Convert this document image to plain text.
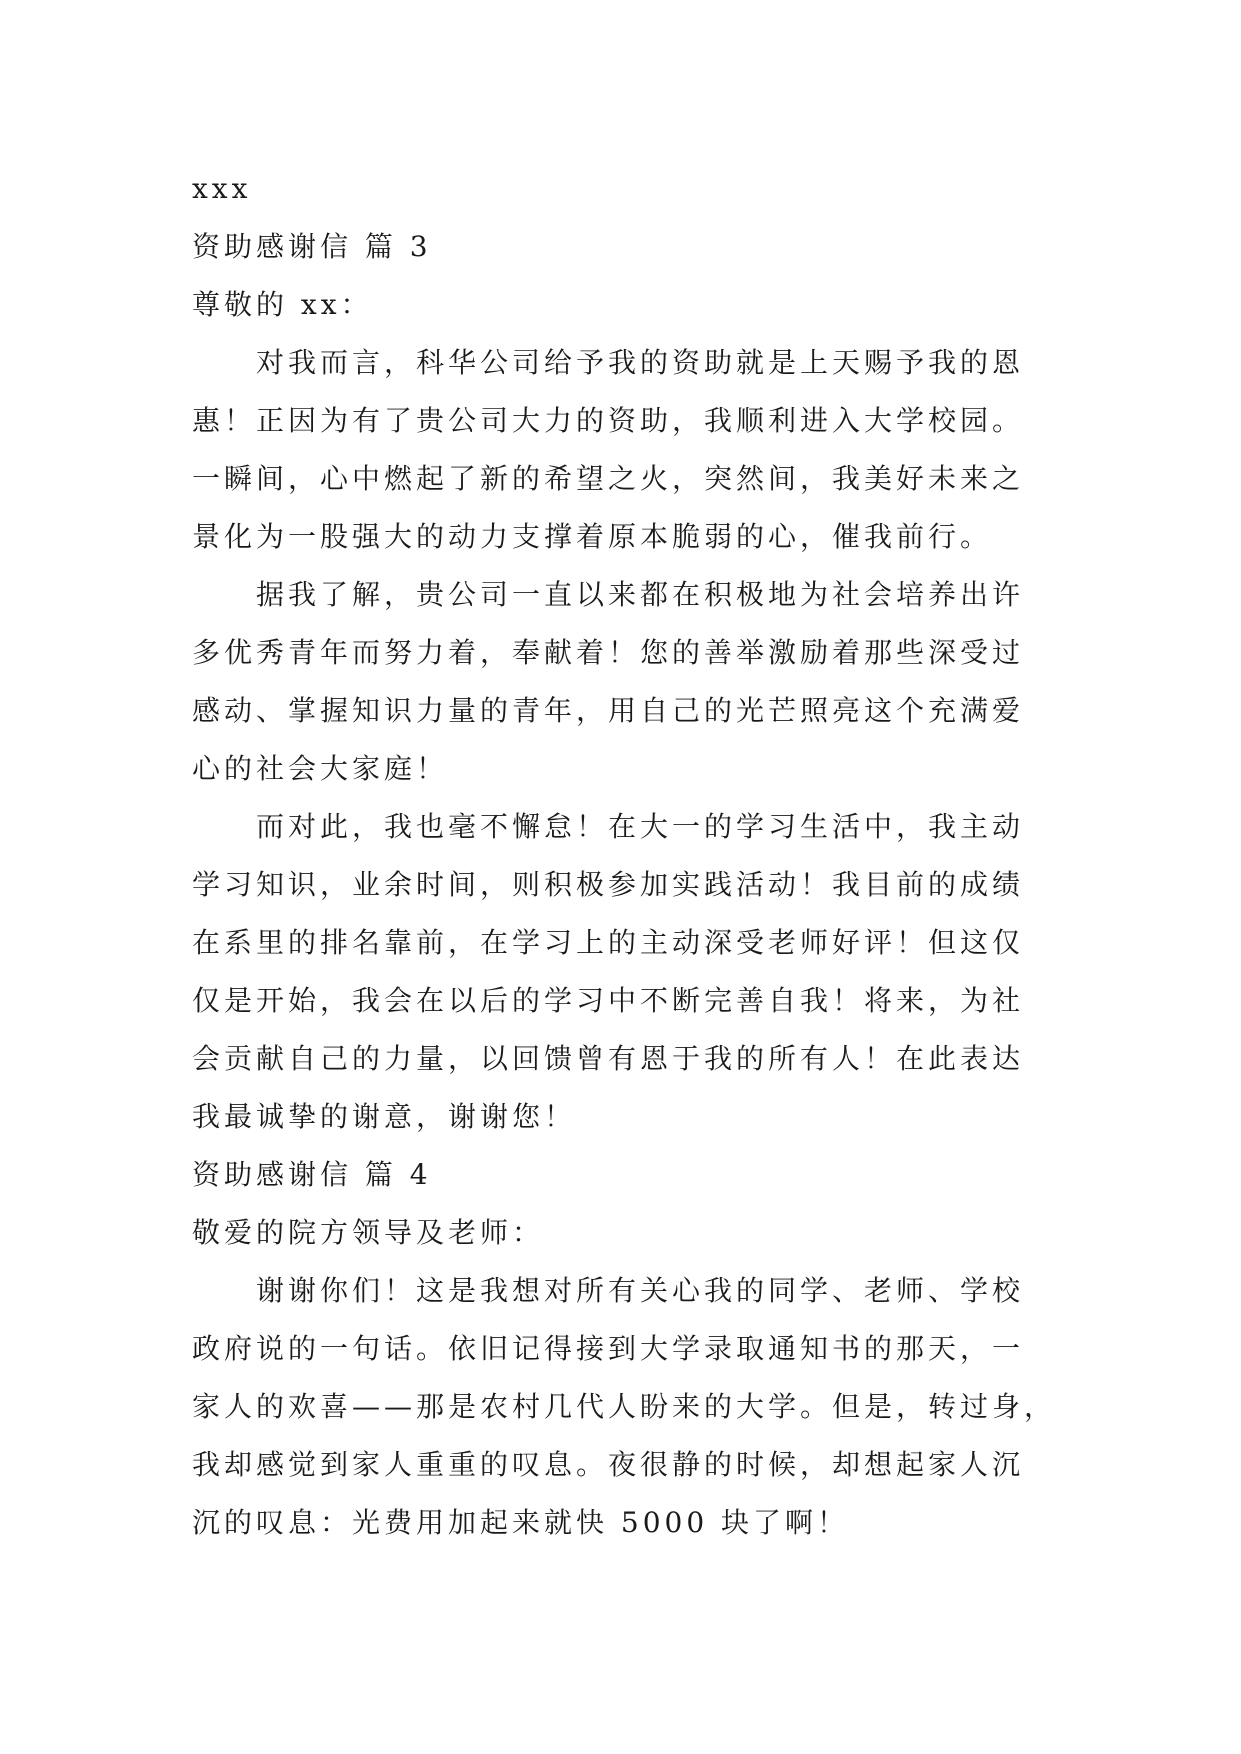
xxx
资助感谢信 篇 3
尊敬的 xx：
对我而言，科华公司给予我的资助就是上天赐予我的恩
惠！正因为有了贵公司大力的资助，我顺利进入大学校园。
一瞬间，心中燃起了新的希望之火，突然间，我美好未来之
景化为一股强大的动力支撑着原本脆弱的心，催我前行。
据我了解，贵公司一直以来都在积极地为社会培养出许
多优秀青年而努力着，奉献着！您的善举激励着那些深受过
感动、掌握知识力量的青年，用自己的光芒照亮这个充满爱
心的社会大家庭！
而对此，我也毫不懈怠！在大一的学习生活中，我主动
学习知识，业余时间，则积极参加实践活动！我目前的成绩
在系里的排名靠前，在学习上的主动深受老师好评！但这仅
仅是开始，我会在以后的学习中不断完善自我！将来，为社
会贡献自己的力量，以回馈曾有恩于我的所有人！在此表达
我最诚挚的谢意，谢谢您！
资助感谢信 篇 4
敬爱的院方领导及老师：
谢谢你们！这是我想对所有关心我的同学、老师、学校
政府说的一句话。依旧记得接到大学录取通知书的那天，一
家人的欢喜——那是农村几代人盼来的大学。但是，转过身，
我却感觉到家人重重的叹息。夜很静的时候，却想起家人沉
沉的叹息：光费用加起来就快 5000 块了啊！
